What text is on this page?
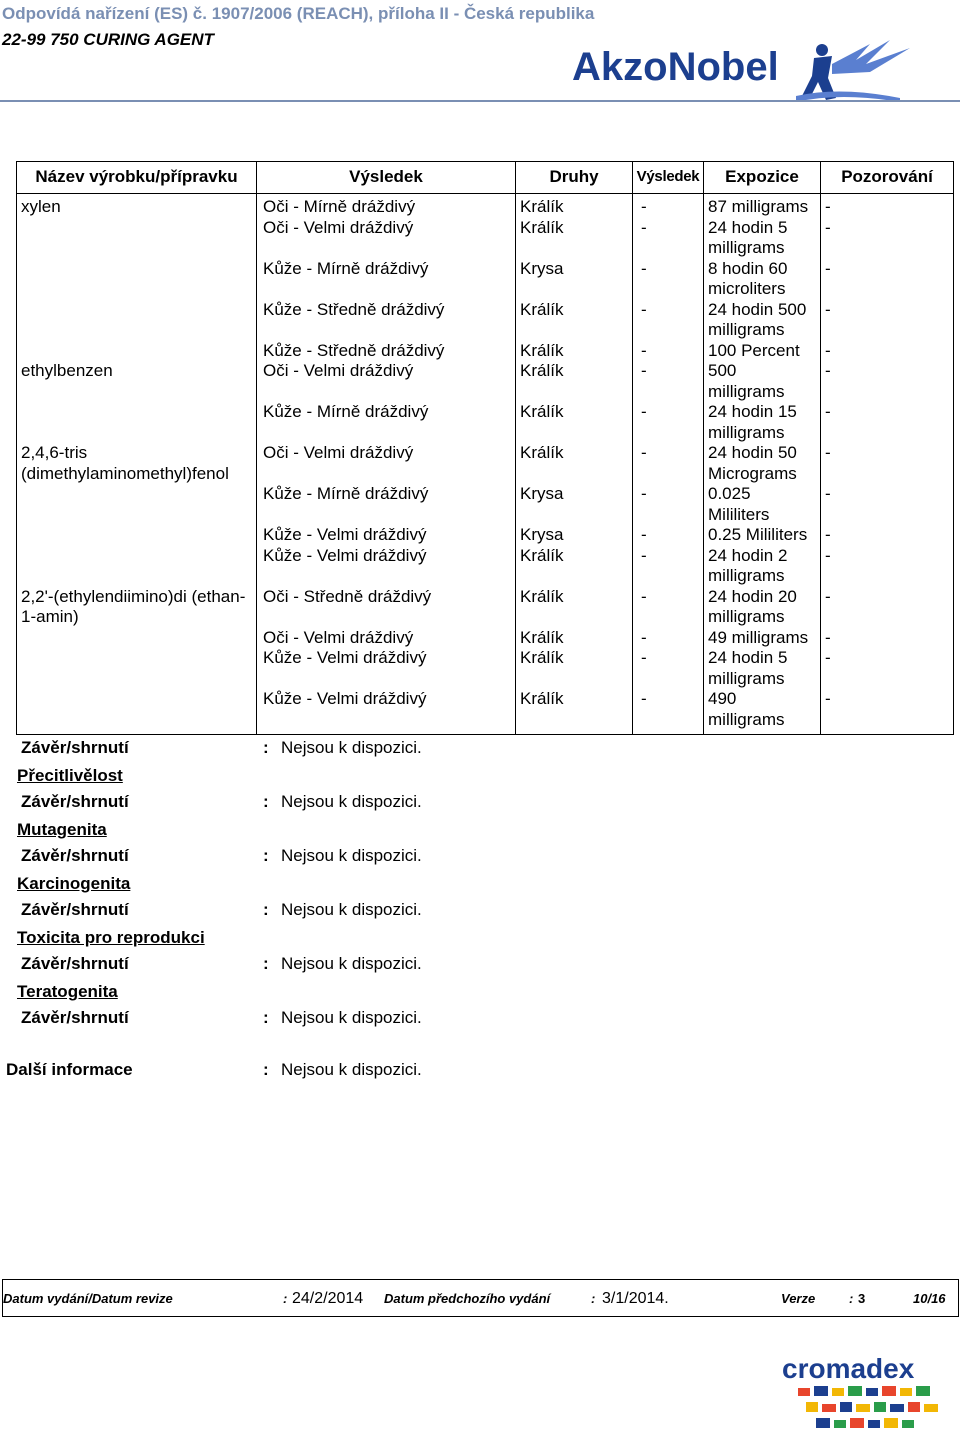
Odpovídá nařízení (ES) č. 1907/2006 (REACH), příloha II - Česká republika
22-99 750 CURING AGENT
AkzoNobel
Název výrobku/přípravku	Výsledek	Druhy	Výsledek	Expozice	Pozorování
xylen	Oči - Mírně dráždivý	Králík	-	87 milligrams	-
	Oči - Velmi dráždivý	Králík	-	24 hodin 5 milligrams	-
	Kůže - Mírně dráždivý	Krysa	-	8 hodin 60 microliters	-
	Kůže - Středně dráždivý	Králík	-	24 hodin 500 milligrams	-
	Kůže - Středně dráždivý	Králík	-	100 Percent	-
ethylbenzen	Oči - Velmi dráždivý	Králík	-	500 milligrams	-
	Kůže - Mírně dráždivý	Králík	-	24 hodin 15 milligrams	-
2,4,6-tris (dimethylaminomethyl)fenol	Oči - Velmi dráždivý	Králík	-	24 hodin 50 Micrograms	-
	Kůže - Mírně dráždivý	Krysa	-	0.025 Mililiters	-
	Kůže - Velmi dráždivý	Krysa	-	0.25 Mililiters	-
	Kůže - Velmi dráždivý	Králík	-	24 hodin 2 milligrams	-
2,2'-(ethylendiimino)di (ethan-1-amin)	Oči - Středně dráždivý	Králík	-	24 hodin 20 milligrams	-
	Oči - Velmi dráždivý	Králík	-	49 milligrams	-
	Kůže - Velmi dráždivý	Králík	-	24 hodin 5 milligrams	-
	Kůže - Velmi dráždivý	Králík	-	490 milligrams	-
Závěr/shrnutí	: Nejsou k dispozici.
Přecitlivělost
Závěr/shrnutí	: Nejsou k dispozici.
Mutagenita
Závěr/shrnutí	: Nejsou k dispozici.
Karcinogenita
Závěr/shrnutí	: Nejsou k dispozici.
Toxicita pro reprodukci
Závěr/shrnutí	: Nejsou k dispozici.
Teratogenita
Závěr/shrnutí	: Nejsou k dispozici.
Další informace	: Nejsou k dispozici.
Datum vydání/Datum revize	: 24/2/2014 Datum předchozího vydání	: 3/1/2014.	Verze	: 3	10/16
cromadex
